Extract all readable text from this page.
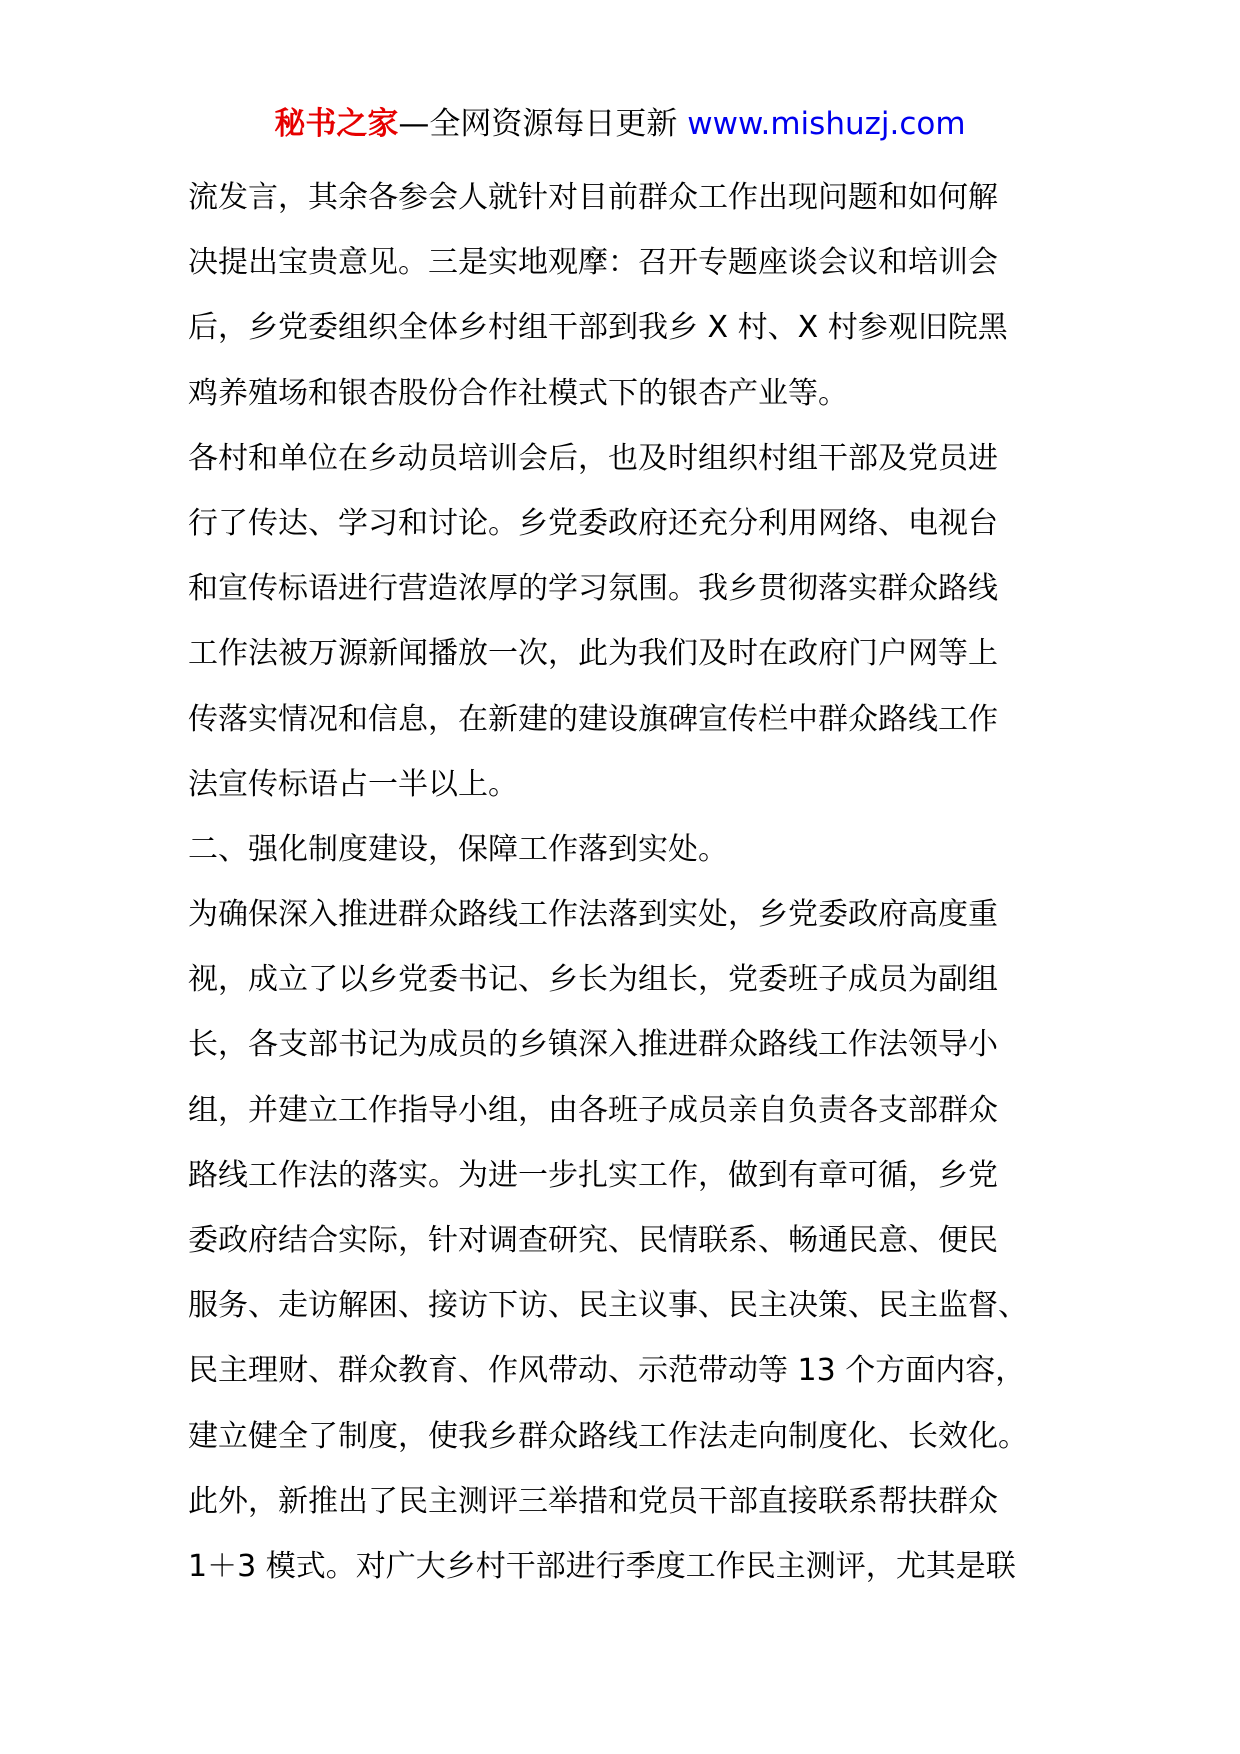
秘书之家—全网资源每日更新 www.mishuzj.com
流发言，其余各参会人就针对目前群众工作出现问题和如何解
决提出宝贵意见。三是实地观摩：召开专题座谈会议和培训会
后，乡党委组织全体乡村组干部到我乡 X 村、X 村参观旧院黑
鸡养殖场和银杏股份合作社模式下的银杏产业等。
各村和单位在乡动员培训会后，也及时组织村组干部及党员进
行了传达、学习和讨论。乡党委政府还充分利用网络、电视台
和宣传标语进行营造浓厚的学习氛围。我乡贯彻落实群众路线
工作法被万源新闻播放一次，此为我们及时在政府门户网等上
传落实情况和信息，在新建的建设旗碑宣传栏中群众路线工作
法宣传标语占一半以上。
二、强化制度建设，保障工作落到实处。
为确保深入推进群众路线工作法落到实处，乡党委政府高度重
视，成立了以乡党委书记、乡长为组长，党委班子成员为副组
长，各支部书记为成员的乡镇深入推进群众路线工作法领导小
组，并建立工作指导小组，由各班子成员亲自负责各支部群众
路线工作法的落实。为进一步扎实工作，做到有章可循，乡党
委政府结合实际，针对调查研究、民情联系、畅通民意、便民
服务、走访解困、接访下访、民主议事、民主决策、民主监督、
民主理财、群众教育、作风带动、示范带动等 13 个方面内容，
建立健全了制度，使我乡群众路线工作法走向制度化、长效化。
此外，新推出了民主测评三举措和党员干部直接联系帮扶群众
1＋3 模式。对广大乡村干部进行季度工作民主测评，尤其是联
